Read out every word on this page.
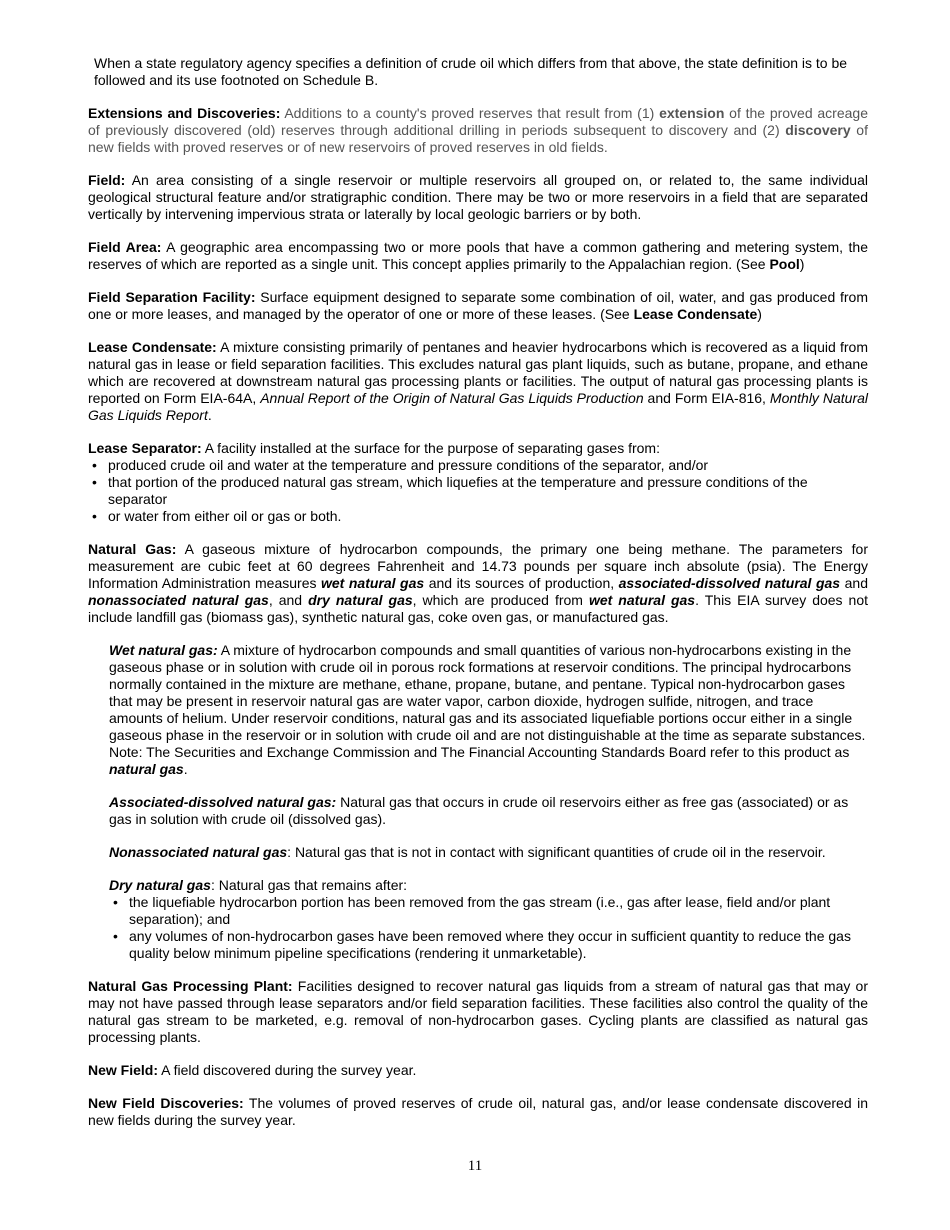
When a state regulatory agency specifies a definition of crude oil which differs from that above, the state definition is to be followed and its use footnoted on Schedule B.

Extensions and Discoveries: Additions to a county's proved reserves that result from (1) extension of the proved acreage of previously discovered (old) reserves through additional drilling in periods subsequent to discovery and (2) discovery of new fields with proved reserves or of new reservoirs of proved reserves in old fields.

Field: An area consisting of a single reservoir or multiple reservoirs all grouped on, or related to, the same individual geological structural feature and/or stratigraphic condition. There may be two or more reservoirs in a field that are separated vertically by intervening impervious strata or laterally by local geologic barriers or by both.

Field Area: A geographic area encompassing two or more pools that have a common gathering and metering system, the reserves of which are reported as a single unit. This concept applies primarily to the Appalachian region. (See Pool)

Field Separation Facility: Surface equipment designed to separate some combination of oil, water, and gas produced from one or more leases, and managed by the operator of one or more of these leases. (See Lease Condensate)

Lease Condensate: A mixture consisting primarily of pentanes and heavier hydrocarbons which is recovered as a liquid from natural gas in lease or field separation facilities. This excludes natural gas plant liquids, such as butane, propane, and ethane which are recovered at downstream natural gas processing plants or facilities. The output of natural gas processing plants is reported on Form EIA-64A, Annual Report of the Origin of Natural Gas Liquids Production and Form EIA-816, Monthly Natural Gas Liquids Report.

Lease Separator: A facility installed at the surface for the purpose of separating gases from:

• produced crude oil and water at the temperature and pressure conditions of the separator, and/or
• that portion of the produced natural gas stream, which liquefies at the temperature and pressure conditions of the separator
• or water from either oil or gas or both.

Natural Gas: A gaseous mixture of hydrocarbon compounds, the primary one being methane. The parameters for measurement are cubic feet at 60 degrees Fahrenheit and 14.73 pounds per square inch absolute (psia). The Energy Information Administration measures wet natural gas and its sources of production, associated-dissolved natural gas and nonassociated natural gas, and dry natural gas, which are produced from wet natural gas. This EIA survey does not include landfill gas (biomass gas), synthetic natural gas, coke oven gas, or manufactured gas.

Wet natural gas: A mixture of hydrocarbon compounds and small quantities of various non-hydrocarbons existing in the gaseous phase or in solution with crude oil in porous rock formations at reservoir conditions. The principal hydrocarbons normally contained in the mixture are methane, ethane, propane, butane, and pentane. Typical non-hydrocarbon gases that may be present in reservoir natural gas are water vapor, carbon dioxide, hydrogen sulfide, nitrogen, and trace amounts of helium. Under reservoir conditions, natural gas and its associated liquefiable portions occur either in a single gaseous phase in the reservoir or in solution with crude oil and are not distinguishable at the time as separate substances. Note: The Securities and Exchange Commission and The Financial Accounting Standards Board refer to this product as natural gas.

Associated-dissolved natural gas: Natural gas that occurs in crude oil reservoirs either as free gas (associated) or as gas in solution with crude oil (dissolved gas).

Nonassociated natural gas: Natural gas that is not in contact with significant quantities of crude oil in the reservoir.

Dry natural gas: Natural gas that remains after:

• the liquefiable hydrocarbon portion has been removed from the gas stream (i.e., gas after lease, field and/or plant separation); and
• any volumes of non-hydrocarbon gases have been removed where they occur in sufficient quantity to reduce the gas quality below minimum pipeline specifications (rendering it unmarketable).

Natural Gas Processing Plant: Facilities designed to recover natural gas liquids from a stream of natural gas that may or may not have passed through lease separators and/or field separation facilities. These facilities also control the quality of the natural gas stream to be marketed, e.g. removal of non-hydrocarbon gases. Cycling plants are classified as natural gas processing plants.

New Field: A field discovered during the survey year.

New Field Discoveries: The volumes of proved reserves of crude oil, natural gas, and/or lease condensate discovered in new fields during the survey year.

11
